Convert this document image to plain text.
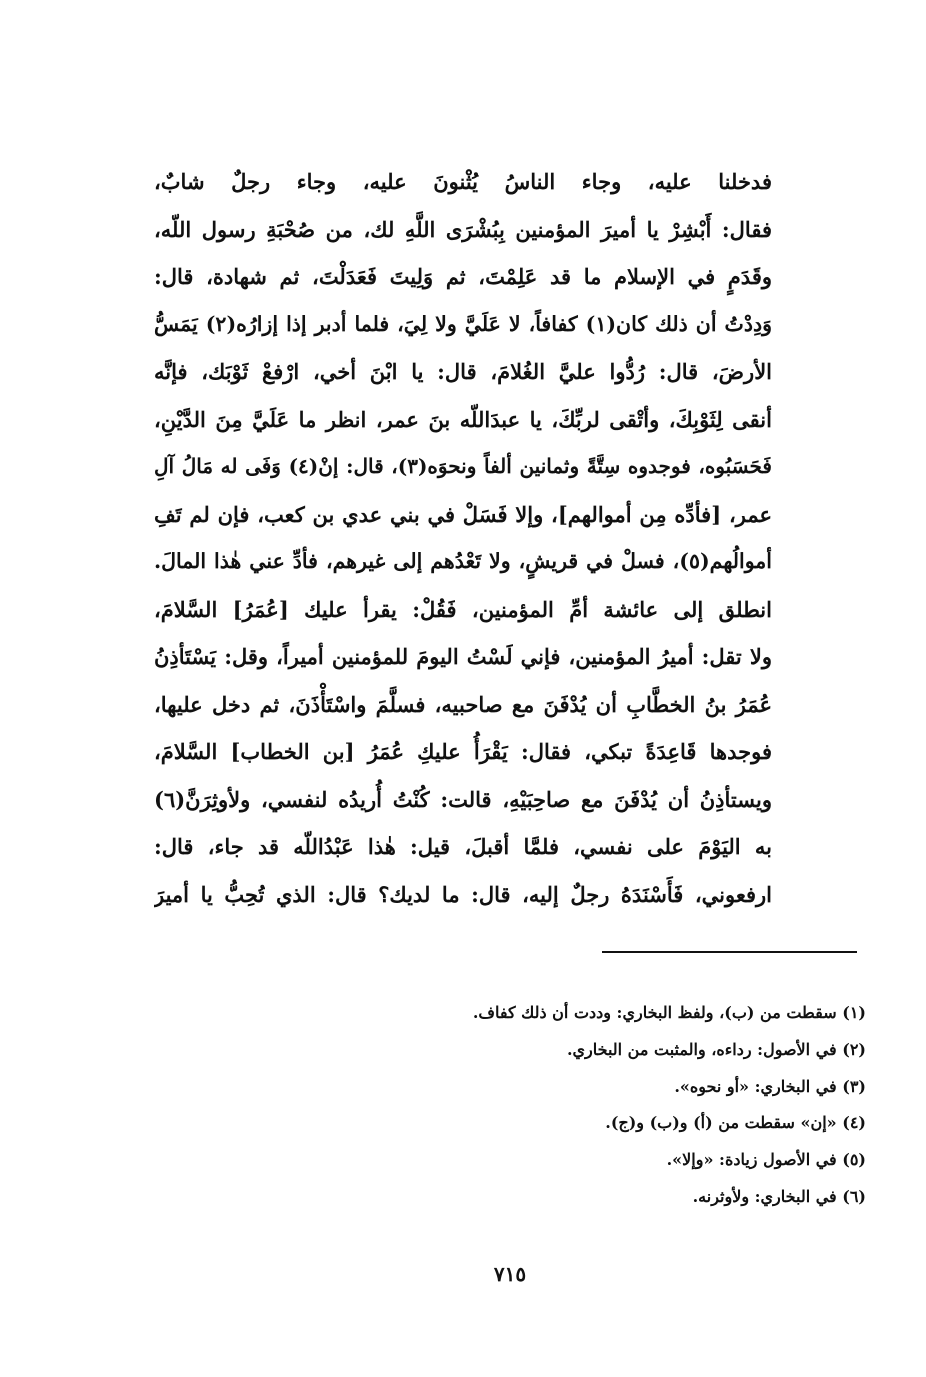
فدخلنا عليه، وجاء الناسُ يُثْنونَ عليه، وجاء رجلٌ شابٌ،
فقال: أَبْشِرْ يا أميرَ المؤمنين بِبُشْرَى اللَّهِ لك، من صُحْبَةِ رسول اللّه،
وقَدَمٍ في الإسلام ما قد عَلِمْتَ، ثم وَلِيتَ فَعَدَلْتَ، ثم شهادة، قال:
وَدِدْتُ أن ذلك كان(١) كفافاً، لا عَلَيَّ ولا لِيَ، فلما أدبر إذا إزارُه(٢) يَمَسُّ
الأرضَ، قال: رُدُّوا عليَّ الغُلامَ، قال: يا ابْنَ أخي، ارْفعْ ثَوْبَك، فإنَّه
أنقى لِثَوْبِكَ، وأتْقى لربِّكَ، يا عبدَاللّه بنَ عمر، انظر ما عَلَيَّ مِنَ الدَّيْنِ،
فَحَسَبُوه، فوجدوه سِتَّةً وثمانين ألفاً ونحوَه(٣)، قال: إنْ(٤) وَفَى له مَالُ آلِ
عمر، [فأدِّه مِن أموالهم]، وإلا فَسَلْ في بني عدي بن كعب، فإن لم تَفِ
أموالُهم(٥)، فسلْ في قريشٍ، ولا تَعْدُهم إلى غيرهم، فأدِّ عني هٰذا المالَ.
انطلق إلى عائشة أمِّ المؤمنين، فَقُلْ: يقرأ عليك [عُمَرُ] السَّلامَ،
ولا تقل: أميرُ المؤمنين، فإني لَسْتُ اليومَ للمؤمنين أميراً، وقل: يَسْتَأذِنُ
عُمَرُ بنُ الخطَّابِ أن يُدْفَنَ مع صاحبيه، فسلَّمَ واسْتَأْذَنَ، ثم دخل عليها،
فوجدها قَاعِدَةً تبكي، فقال: يَقْرَأُ عليكِ عُمَرُ [بن الخطاب] السَّلامَ،
ويستأذِنُ أن يُدْفَنَ مع صاحِبَيْهِ، قالت: كُنْتُ أُريدُه لنفسي، ولأوثِرَنَّ(٦)
به اليَوْمَ على نفسي، فلمَّا أقبلَ، قيل: هٰذا عَبْدُاللّه قد جاء، قال:
ارفعوني، فَأَسْنَدَهُ رجلٌ إليه، قال: ما لديك؟ قال: الذي تُحِبُّ يا أميرَ
(١) سقطت من (ب)، ولفظ البخاري: وددت أن ذلك كفاف.
(٢) في الأصول: رداءه، والمثبت من البخاري.
(٣) في البخاري: «أو نحوه».
(٤) «إن» سقطت من (أ) و(ب) و(ج).
(٥) في الأصول زيادة: «وإلا».
(٦) في البخاري: ولأوثرنه.
٧١٥
